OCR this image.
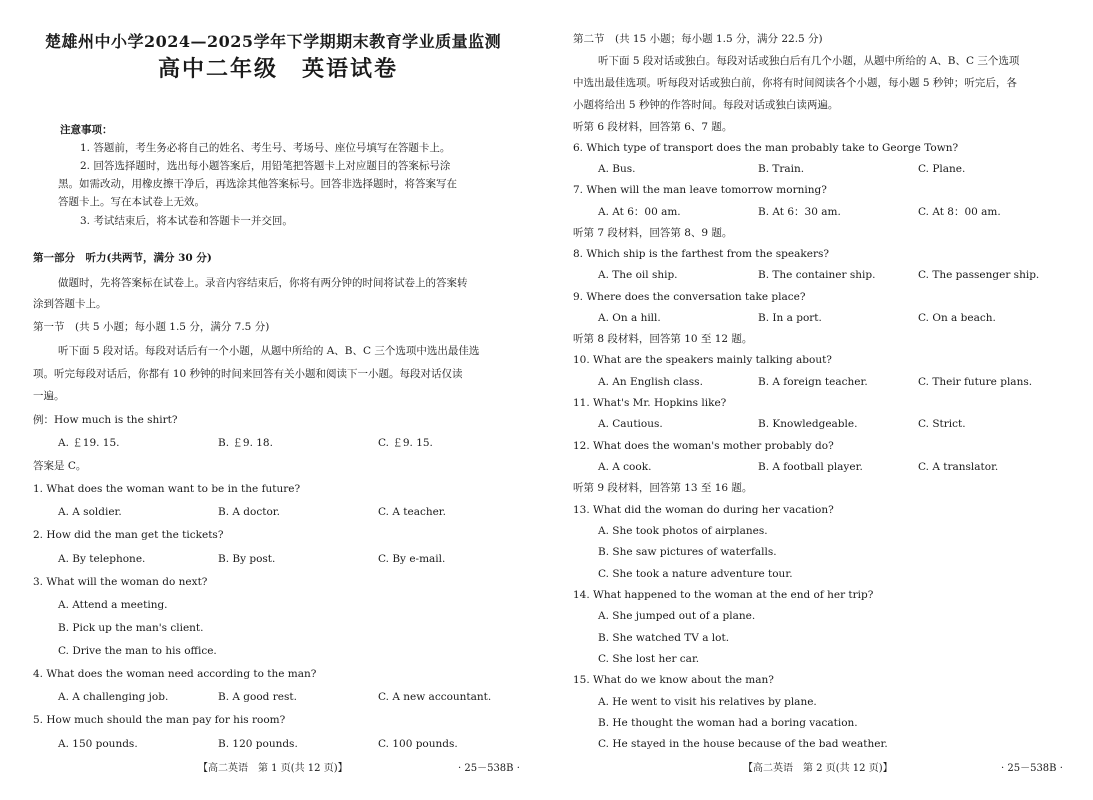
楚雄州中小学2024—2025学年下学期期末教育学业质量监测
高中二年级　英语试卷
注意事项：
1. 答题前，考生务必将自己的姓名、考生号、考场号、座位号填写在答题卡上。
2. 回答选择题时，选出每小题答案后，用铅笔把答题卡上对应题目的答案标号涂
黑。如需改动，用橡皮擦干净后，再选涂其他答案标号。回答非选择题时，将答案写在
答题卡上。写在本试卷上无效。
3. 考试结束后，将本试卷和答题卡一并交回。
第一部分　听力(共两节，满分 30 分)
做题时，先将答案标在试卷上。录音内容结束后，你将有两分钟的时间将试卷上的答案转
涂到答题卡上。
第一节　(共 5 小题；每小题 1.5 分，满分 7.5 分)
听下面 5 段对话。每段对话后有一个小题，从题中所给的 A、B、C 三个选项中选出最佳选
项。听完每段对话后，你都有 10 秒钟的时间来回答有关小题和阅读下一小题。每段对话仅读
一遍。
例：How much is the shirt?
A. ￡19. 15.	B. ￡9. 18.	C. ￡9. 15.
答案是 C。
1. What does the woman want to be in the future?
A. A soldier.	B. A doctor.	C. A teacher.
2. How did the man get the tickets?
A. By telephone.	B. By post.	C. By e-mail.
3. What will the woman do next?
A. Attend a meeting.
B. Pick up the man's client.
C. Drive the man to his office.
4. What does the woman need according to the man?
A. A challenging job.	B. A good rest.	C. A new accountant.
5. How much should the man pay for his room?
A. 150 pounds.	B. 120 pounds.	C. 100 pounds.
【高二英语　第 1 页(共 12 页)】	· 25－538B ·
第二节　(共 15 小题；每小题 1.5 分，满分 22.5 分)
听下面 5 段对话或独白。每段对话或独白后有几个小题，从题中所给的 A、B、C 三个选项
中选出最佳选项。听每段对话或独白前，你将有时间阅读各个小题，每小题 5 秒钟；听完后，各
小题将给出 5 秒钟的作答时间。每段对话或独白读两遍。
听第 6 段材料，回答第 6、7 题。
6. Which type of transport does the man probably take to George Town?
A. Bus.	B. Train.	C. Plane.
7. When will the man leave tomorrow morning?
A. At 6：00 am.	B. At 6：30 am.	C. At 8：00 am.
听第 7 段材料，回答第 8、9 题。
8. Which ship is the farthest from the speakers?
A. The oil ship.	B. The container ship.	C. The passenger ship.
9. Where does the conversation take place?
A. On a hill.	B. In a port.	C. On a beach.
听第 8 段材料，回答第 10 至 12 题。
10. What are the speakers mainly talking about?
A. An English class.	B. A foreign teacher.	C. Their future plans.
11. What's Mr. Hopkins like?
A. Cautious.	B. Knowledgeable.	C. Strict.
12. What does the woman's mother probably do?
A. A cook.	B. A football player.	C. A translator.
听第 9 段材料，回答第 13 至 16 题。
13. What did the woman do during her vacation?
A. She took photos of airplanes.
B. She saw pictures of waterfalls.
C. She took a nature adventure tour.
14. What happened to the woman at the end of her trip?
A. She jumped out of a plane.
B. She watched TV a lot.
C. She lost her car.
15. What do we know about the man?
A. He went to visit his relatives by plane.
B. He thought the woman had a boring vacation.
C. He stayed in the house because of the bad weather.
【高二英语　第 2 页(共 12 页)】	· 25－538B ·
